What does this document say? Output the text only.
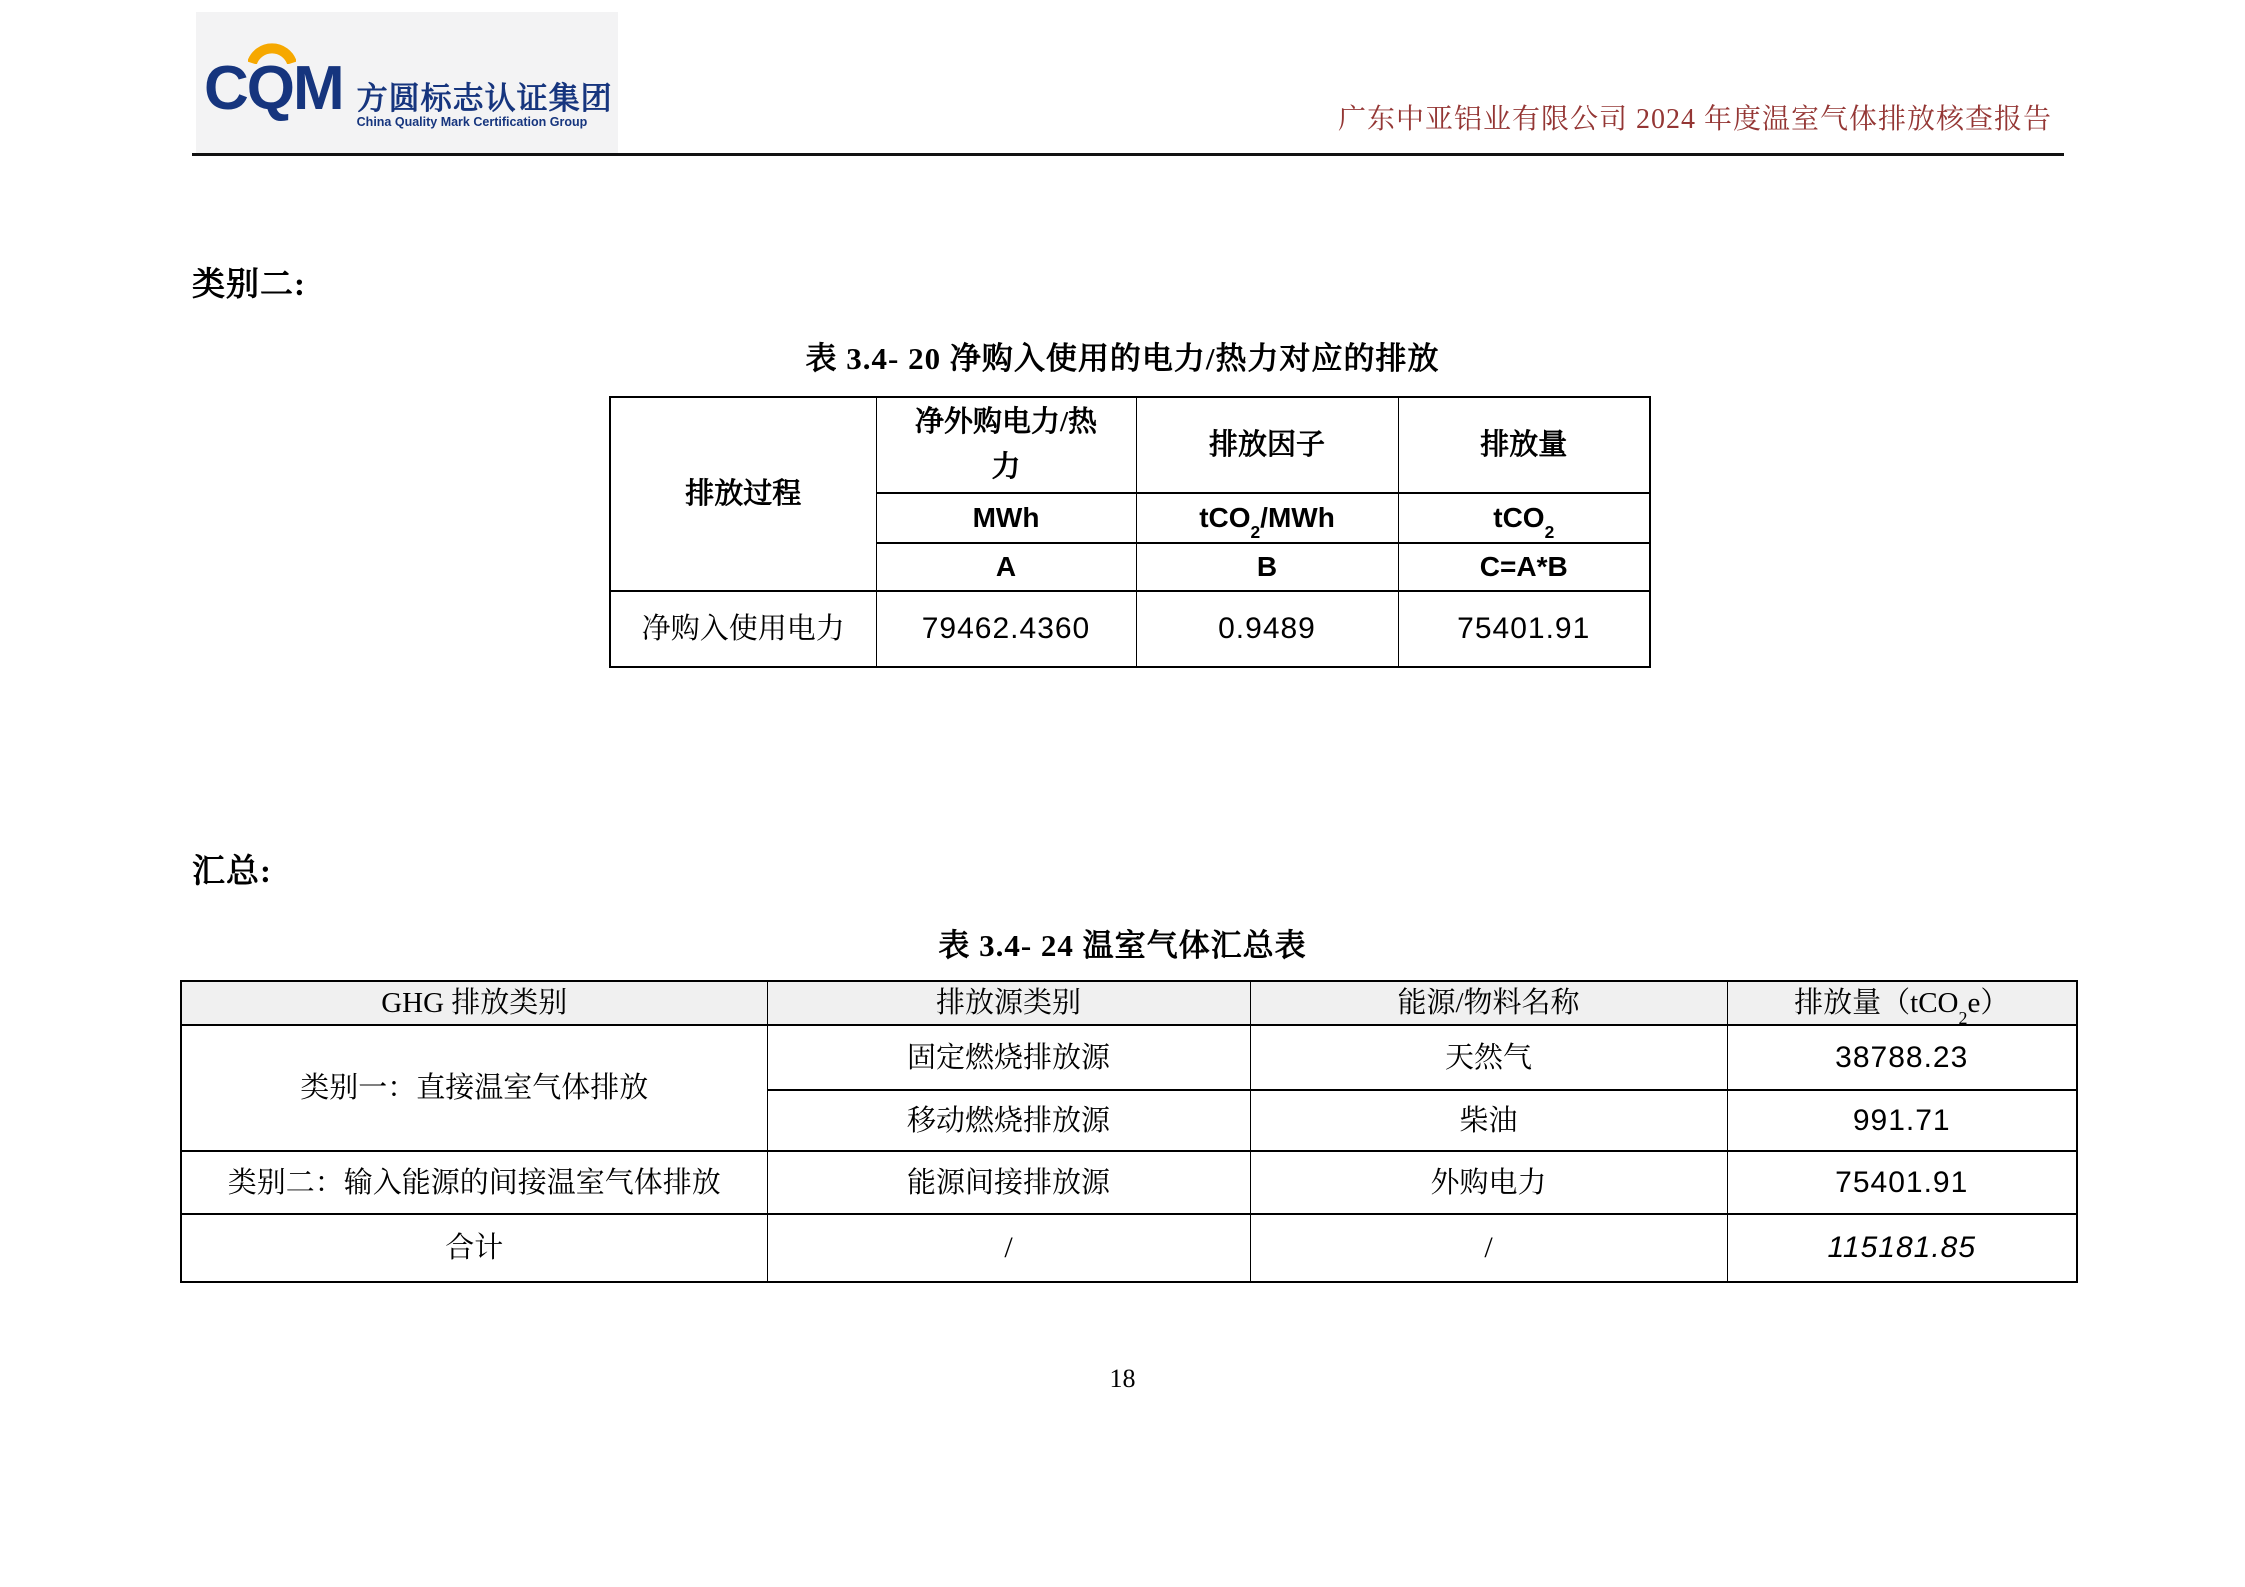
CQM 方圆标志认证集团
China Quality Mark Certification Group	广东中亚铝业有限公司 2024 年度温室气体排放核查报告
类别二:
表 3.4- 20 净购入使用的电力/热力对应的排放
排放过程	净外购电力/热力	排放因子	排放量
	MWh	tCO$_2$/MWh	tCO$_2$
	A	B	C=A*B
净购入使用电力	79462.4360	0.9489	75401.91
汇总:
表 3.4- 24 温室气体汇总表
GHG 排放类别	排放源类别	能源/物料名称	排放量（tCO$_2$e）
类别一：直接温室气体排放	固定燃烧排放源	天然气	38788.23
	移动燃烧排放源	柴油	991.71
类别二：输入能源的间接温室气体排放	能源间接排放源	外购电力	75401.91
合计	/	/	115181.85
18
